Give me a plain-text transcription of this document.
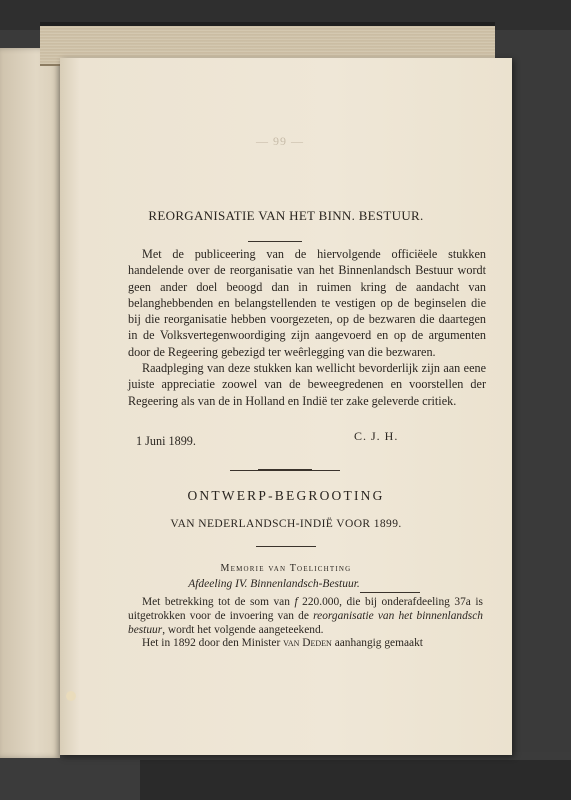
— 99 —
REORGANISATIE VAN HET BINN. BESTUUR.

Met de publiceering van de hiervolgende officiëele stukken handelende over de reorganisatie van het Binnenlandsch Bestuur wordt geen ander doel beoogd dan in ruimen kring de aandacht van belanghebbenden en belangstellenden te vestigen op de beginselen die bij die reorganisatie hebben voorgezeten, op de bezwaren die daartegen in de Volksvertegenwoordiging zijn aangevoerd en op de argumenten door de Regeering gebezigd ter weêrlegging van die bezwaren.

Raadpleging van deze stukken kan wellicht bevorderlijk zijn aan eene juiste appreciatie zoowel van de beweegredenen en voorstellen der Regeering als van de in Holland en Indië ter zake geleverde critiek.

C. J. H.
1 Juni 1899.
ONTWERP-BEGROOTING
VAN NEDERLANDSCH-INDIË VOOR 1899.
Memorie van Toelichting
Afdeeling IV. Binnenlandsch-Bestuur.

Met betrekking tot de som van f 220.000, die bij onderafdeeling 37a is uitgetrokken voor de invoering van de reorganisatie van het binnenlandsch bestuur, wordt het volgende aangeteekend.

Het in 1892 door den Minister van Deden aanhangig gemaakt
